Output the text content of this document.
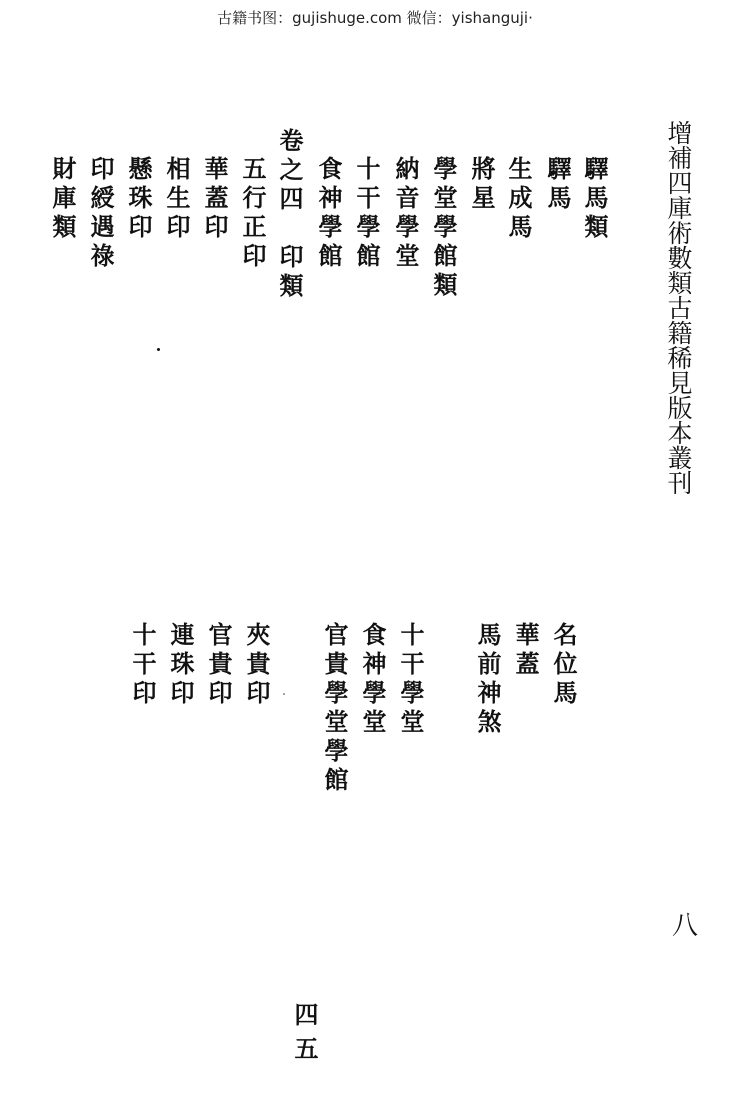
古籍书图：gujishuge.com 微信：yishanguji·
增補四庫術數類古籍稀見版本叢刊
八
驛馬類
驛馬
生成馬
將星
學堂學館類
納音學堂
十干學館
食神學館
卷之四　印類
五行正印
華蓋印
相生印
懸珠印
印綬遇祿
財庫類
名位馬
華蓋
馬前神煞
十干學堂
食神學堂
官貴學堂學館
夾貴印
官貴印
連珠印
十干印
四五
